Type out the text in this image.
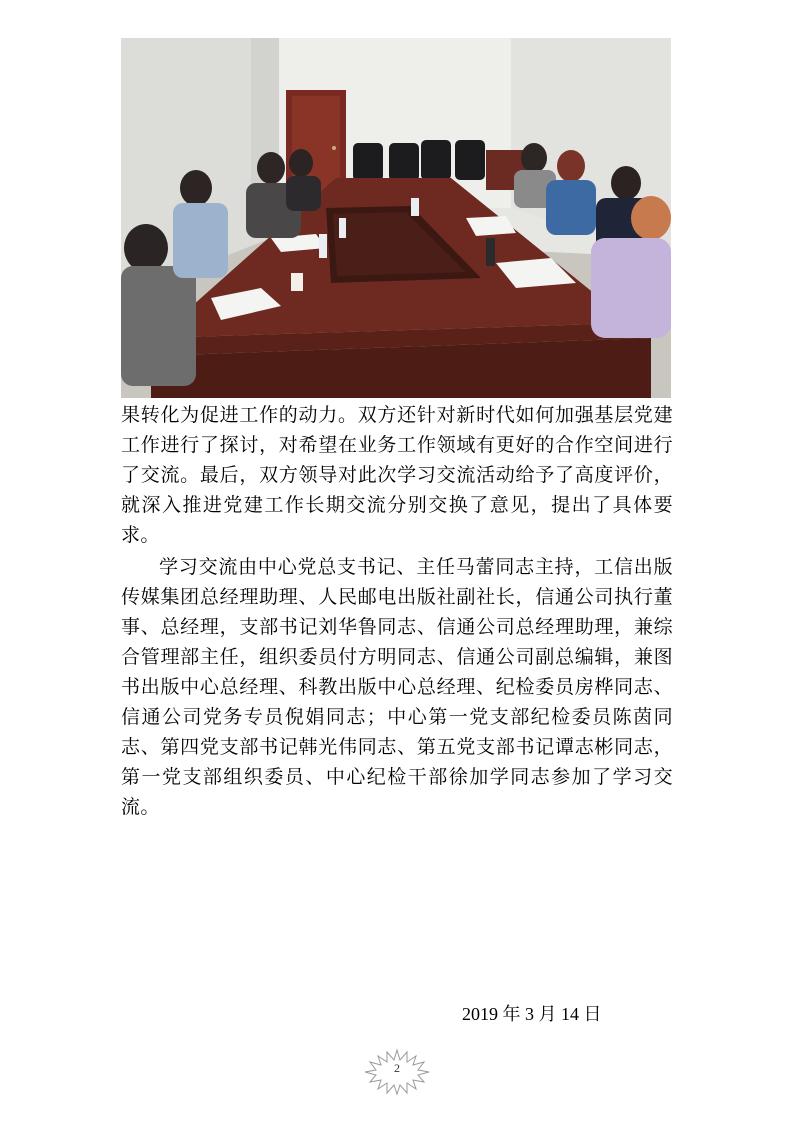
果转化为促进工作的动力。双方还针对新时代如何加强基层党建工作进行了探讨，对希望在业务工作领域有更好的合作空间进行了交流。最后，双方领导对此次学习交流活动给予了高度评价，就深入推进党建工作长期交流分别交换了意见，提出了具体要求。

学习交流由中心党总支书记、主任马蕾同志主持，工信出版传媒集团总经理助理、人民邮电出版社副社长，信通公司执行董事、总经理，支部书记刘华鲁同志、信通公司总经理助理，兼综合管理部主任，组织委员付方明同志、信通公司副总编辑，兼图书出版中心总经理、科教出版中心总经理、纪检委员房桦同志、信通公司党务专员倪娟同志；中心第一党支部纪检委员陈茵同志、第四党支部书记韩光伟同志、第五党支部书记谭志彬同志，第一党支部组织委员、中心纪检干部徐加学同志参加了学习交流。

2019 年 3 月 14 日
2
